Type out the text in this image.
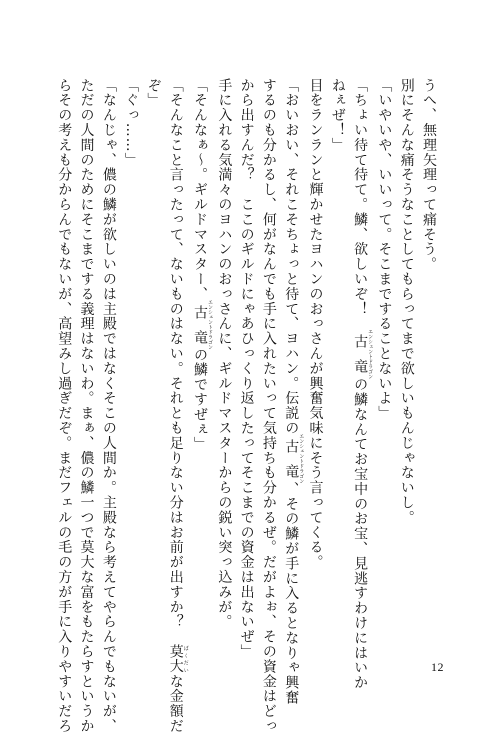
うへ、無理矢理って痛そう。
別にそんな痛そうなことしてもらってまで欲しいもんじゃないし。
「いやいや、いいって。そこまですることないよ」
「ちょい待て待て。鱗、欲しいぞ！　古竜 エンシェントドラゴンの鱗なんてお宝中のお宝、見逃すわけにはいか
ねぇぜ！」
目をランランと輝かせたヨハンのおっさんが興奮気味にそう言ってくる。
「おいおい、それこそちょっと待て、ヨハン。伝説の古竜 エンシェントドラゴン、その鱗が手に入るとなりゃ興奮
するのも分かるし、何がなんでも手に入れたいって気持ちも分かるぜ。だがよぉ、その資金はどっ
から出すんだ？　ここのギルドにゃあひっくり返したってそこまでの資金は出ないぜ」
手に入れる気満々のヨハンのおっさんに、ギルドマスターからの鋭い突っ込みが。
「そんなぁ～。ギルドマスター、古竜 エンシェントドラゴンの鱗ですぜぇ」
「そんなこと言ったって、ないものはない。それとも足りない分はお前が出すか？　莫大 ばくだいな金額だ
ぞ」
「ぐっ……」
「なんじゃ、儂の鱗が欲しいのは主殿ではなくそこの人間か。主殿なら考えてやらんでもないが、
ただの人間のためにそこまでする義理はないわ。まぁ、儂の鱗一つで莫大な富をもたらすというか
らその考えも分からんでもないが、高望みし過ぎだぞ。まだフェルの毛の方が手に入りやすいだろ	12
